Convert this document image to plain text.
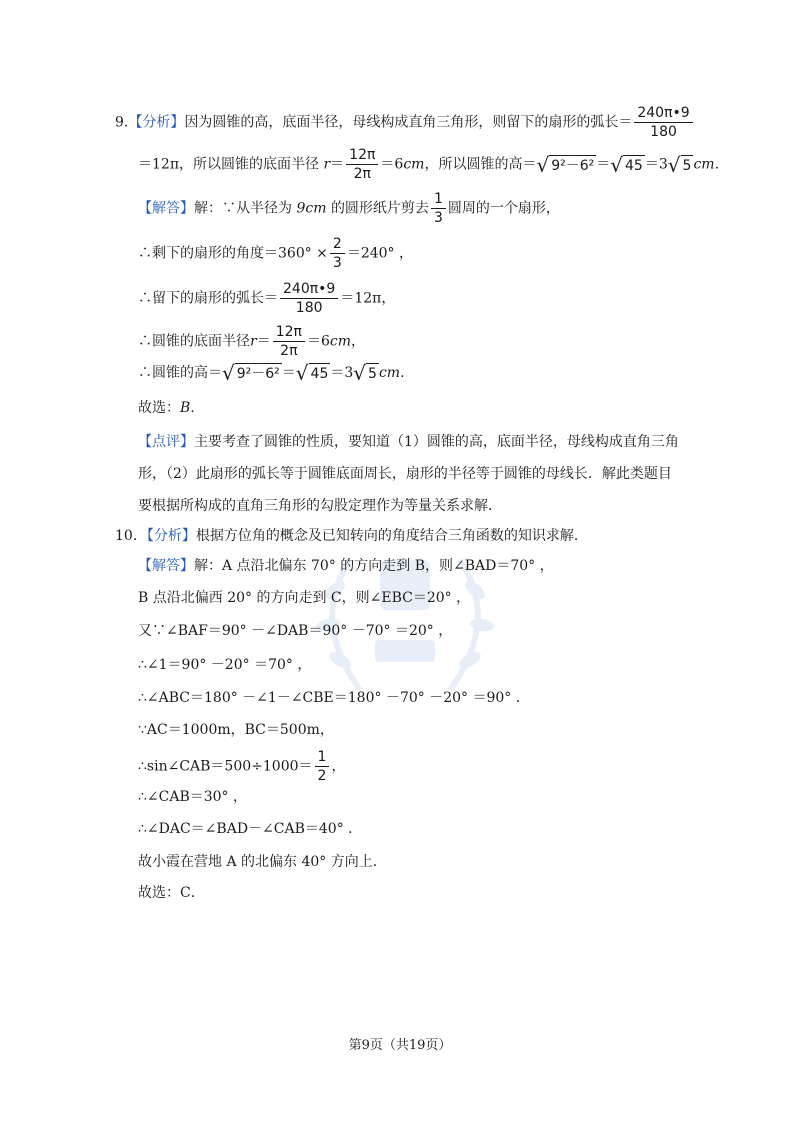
9.【分析】因为圆锥的高，底面半径，母线构成直角三角形，则留下的扇形的弧长＝ $\frac{240\pi•9}{180}$
＝12π，所以圆锥的底面半径 $r= \frac{12\pi}{2\pi} =6cm$，所以圆锥的高＝ √ 9²－6² ＝ √ 45 ＝3 √ 5 cm.
【解答】解：∵从半径为 9cm 的圆形纸片剪去 $\frac{1}{3}$ 圆周的一个扇形，
∴剩下的扇形的角度$=360^\circ \times \frac{2}{3} =240^\circ$ ，
∴留下的扇形的弧长＝ $\frac{240\pi•9}{180} =12\pi$，
∴圆锥的底面半径$r= \frac{12\pi}{2\pi} =6cm$，
∴圆锥的高＝ √ 9²－6² ＝ √ 45 ＝3 √ 5 cm.
故选：B.
【点评】主要考查了圆锥的性质，要知道（1）圆锥的高，底面半径，母线构成直角三角
形，（2）此扇形的弧长等于圆锥底面周长，扇形的半径等于圆锥的母线长．解此类题目
要根据所构成的直角三角形的勾股定理作为等量关系求解．
10．【分析】根据方位角的概念及已知转向的角度结合三角函数的知识求解．
【解答】解：A 点沿北偏东 70° 的方向走到 B，则∠BAD＝70° ，
B 点沿北偏西 20° 的方向走到 C，则∠EBC＝20° ，
又∵∠BAF＝90° －∠DAB＝90° －70° ＝20° ，
∴∠1＝90° －20° ＝70° ，
∴∠ABC＝180° －∠1－∠CBE＝180° －70° －20° ＝90° ．
∵AC＝1000m，BC＝500m，
∴sin∠CAB＝500÷1000＝ $\frac{1}{2}$ ，
∴∠CAB＝30° ，
∴∠DAC＝∠BAD－∠CAB＝40° ．
故小霞在营地 A 的北偏东 40° 方向上．
故选：C．
第9页（共19页）
